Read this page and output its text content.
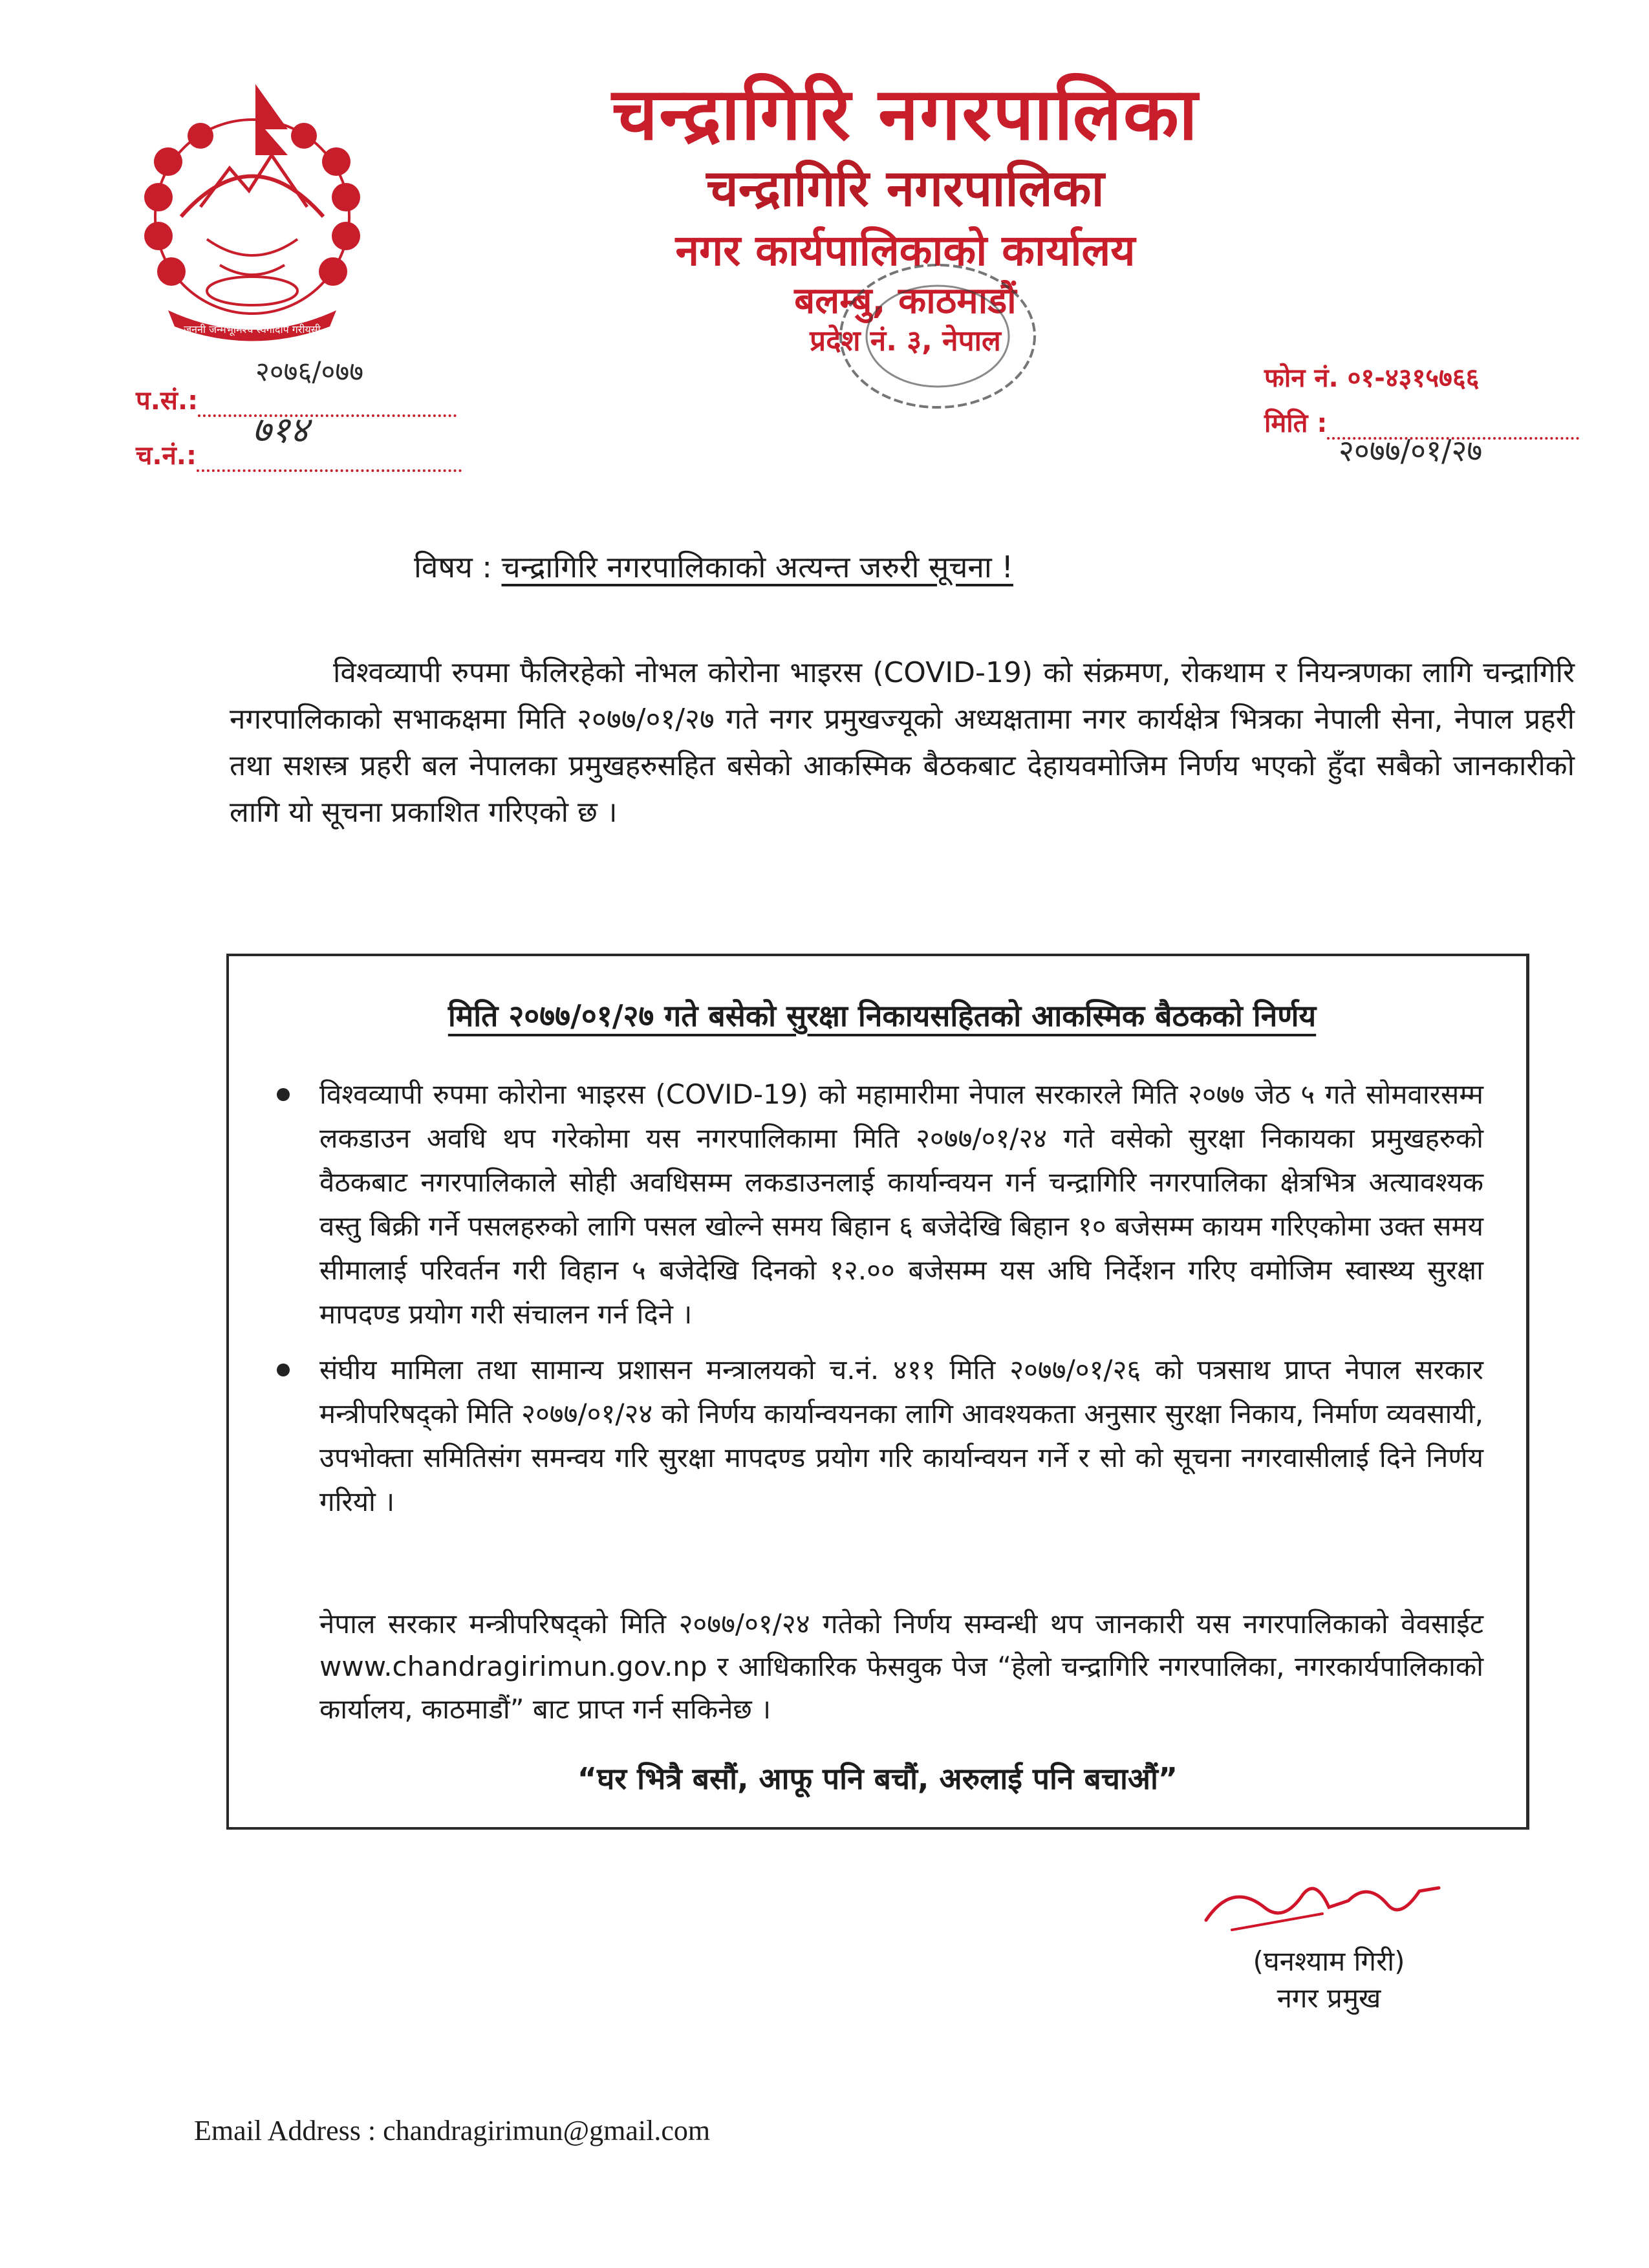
जननी जन्मभूमिश्च स्वर्गादपि गरीयसी
चन्द्रागिरि नगरपालिका
चन्द्रागिरि नगरपालिका
नगर कार्यपालिकाको कार्यालय
बलम्बु, काठमाडौं
प्रदेश नं. ३, नेपाल
२०७६/०७७
प.सं.:
७१४
च.नं.:
फोन नं. ०१-४३१५७६६
मिति :
२०७७/०१/२७
विषय : चन्द्रागिरि नगरपालिकाको अत्यन्त जरुरी सूचना !

विश्वव्यापी रुपमा फैलिरहेको नोभल कोरोना भाइरस (COVID-19) को संक्रमण, रोकथाम र नियन्त्रणका लागि चन्द्रागिरि नगरपालिकाको सभाकक्षमा मिति २०७७/०१/२७ गते नगर प्रमुखज्यूको अध्यक्षतामा नगर कार्यक्षेत्र भित्रका नेपाली सेना, नेपाल प्रहरी तथा सशस्त्र प्रहरी बल नेपालका प्रमुखहरुसहित बसेको आकस्मिक बैठकबाट देहायवमोजिम निर्णय भएको हुँदा सबैको जानकारीको लागि यो सूचना प्रकाशित गरिएको छ ।

मिति २०७७/०१/२७ गते बसेको सुरक्षा निकायसहितको आकस्मिक बैठकको निर्णय
विश्वव्यापी रुपमा कोरोना भाइरस (COVID-19) को महामारीमा नेपाल सरकारले मिति २०७७ जेठ ५ गते सोमवारसम्म लकडाउन अवधि थप गरेकोमा यस नगरपालिकामा मिति २०७७/०१/२४ गते वसेको सुरक्षा निकायका प्रमुखहरुको वैठकबाट नगरपालिकाले सोही अवधिसम्म लकडाउनलाई कार्यान्वयन गर्न चन्द्रागिरि नगरपालिका क्षेत्रभित्र अत्यावश्यक वस्तु बिक्री गर्ने पसलहरुको लागि पसल खोल्ने समय बिहान ६ बजेदेखि बिहान १० बजेसम्म कायम गरिएकोमा उक्त समय सीमालाई परिवर्तन गरी विहान ५ बजेदेखि दिनको १२.०० बजेसम्म यस अघि निर्देशन गरिए वमोजिम स्वास्थ्य सुरक्षा मापदण्ड प्रयोग गरी संचालन गर्न दिने ।
संघीय मामिला तथा सामान्य प्रशासन मन्त्रालयको च.नं. ४११ मिति २०७७/०१/२६ को पत्रसाथ प्राप्त नेपाल सरकार मन्त्रीपरिषद्को मिति २०७७/०१/२४ को निर्णय कार्यान्वयनका लागि आवश्यकता अनुसार सुरक्षा निकाय, निर्माण व्यवसायी, उपभोक्ता समितिसंग समन्वय गरि सुरक्षा मापदण्ड प्रयोग गरि कार्यान्वयन गर्ने र सो को सूचना नगरवासीलाई दिने निर्णय गरियो ।

नेपाल सरकार मन्त्रीपरिषद्को मिति २०७७/०१/२४ गतेको निर्णय सम्वन्धी थप जानकारी यस नगरपालिकाको वेवसाईट www.chandragirimun.gov.np र आधिकारिक फेसवुक पेज “हेलो चन्द्रागिरि नगरपालिका, नगरकार्यपालिकाको कार्यालय, काठमाडौं” बाट प्राप्त गर्न सकिनेछ ।

“घर भित्रै बसौं, आफू पनि बचौं, अरुलाई पनि बचाऔं”

(घनश्याम गिरी)

नगर प्रमुख

Email Address : chandragirimun@gmail.com
